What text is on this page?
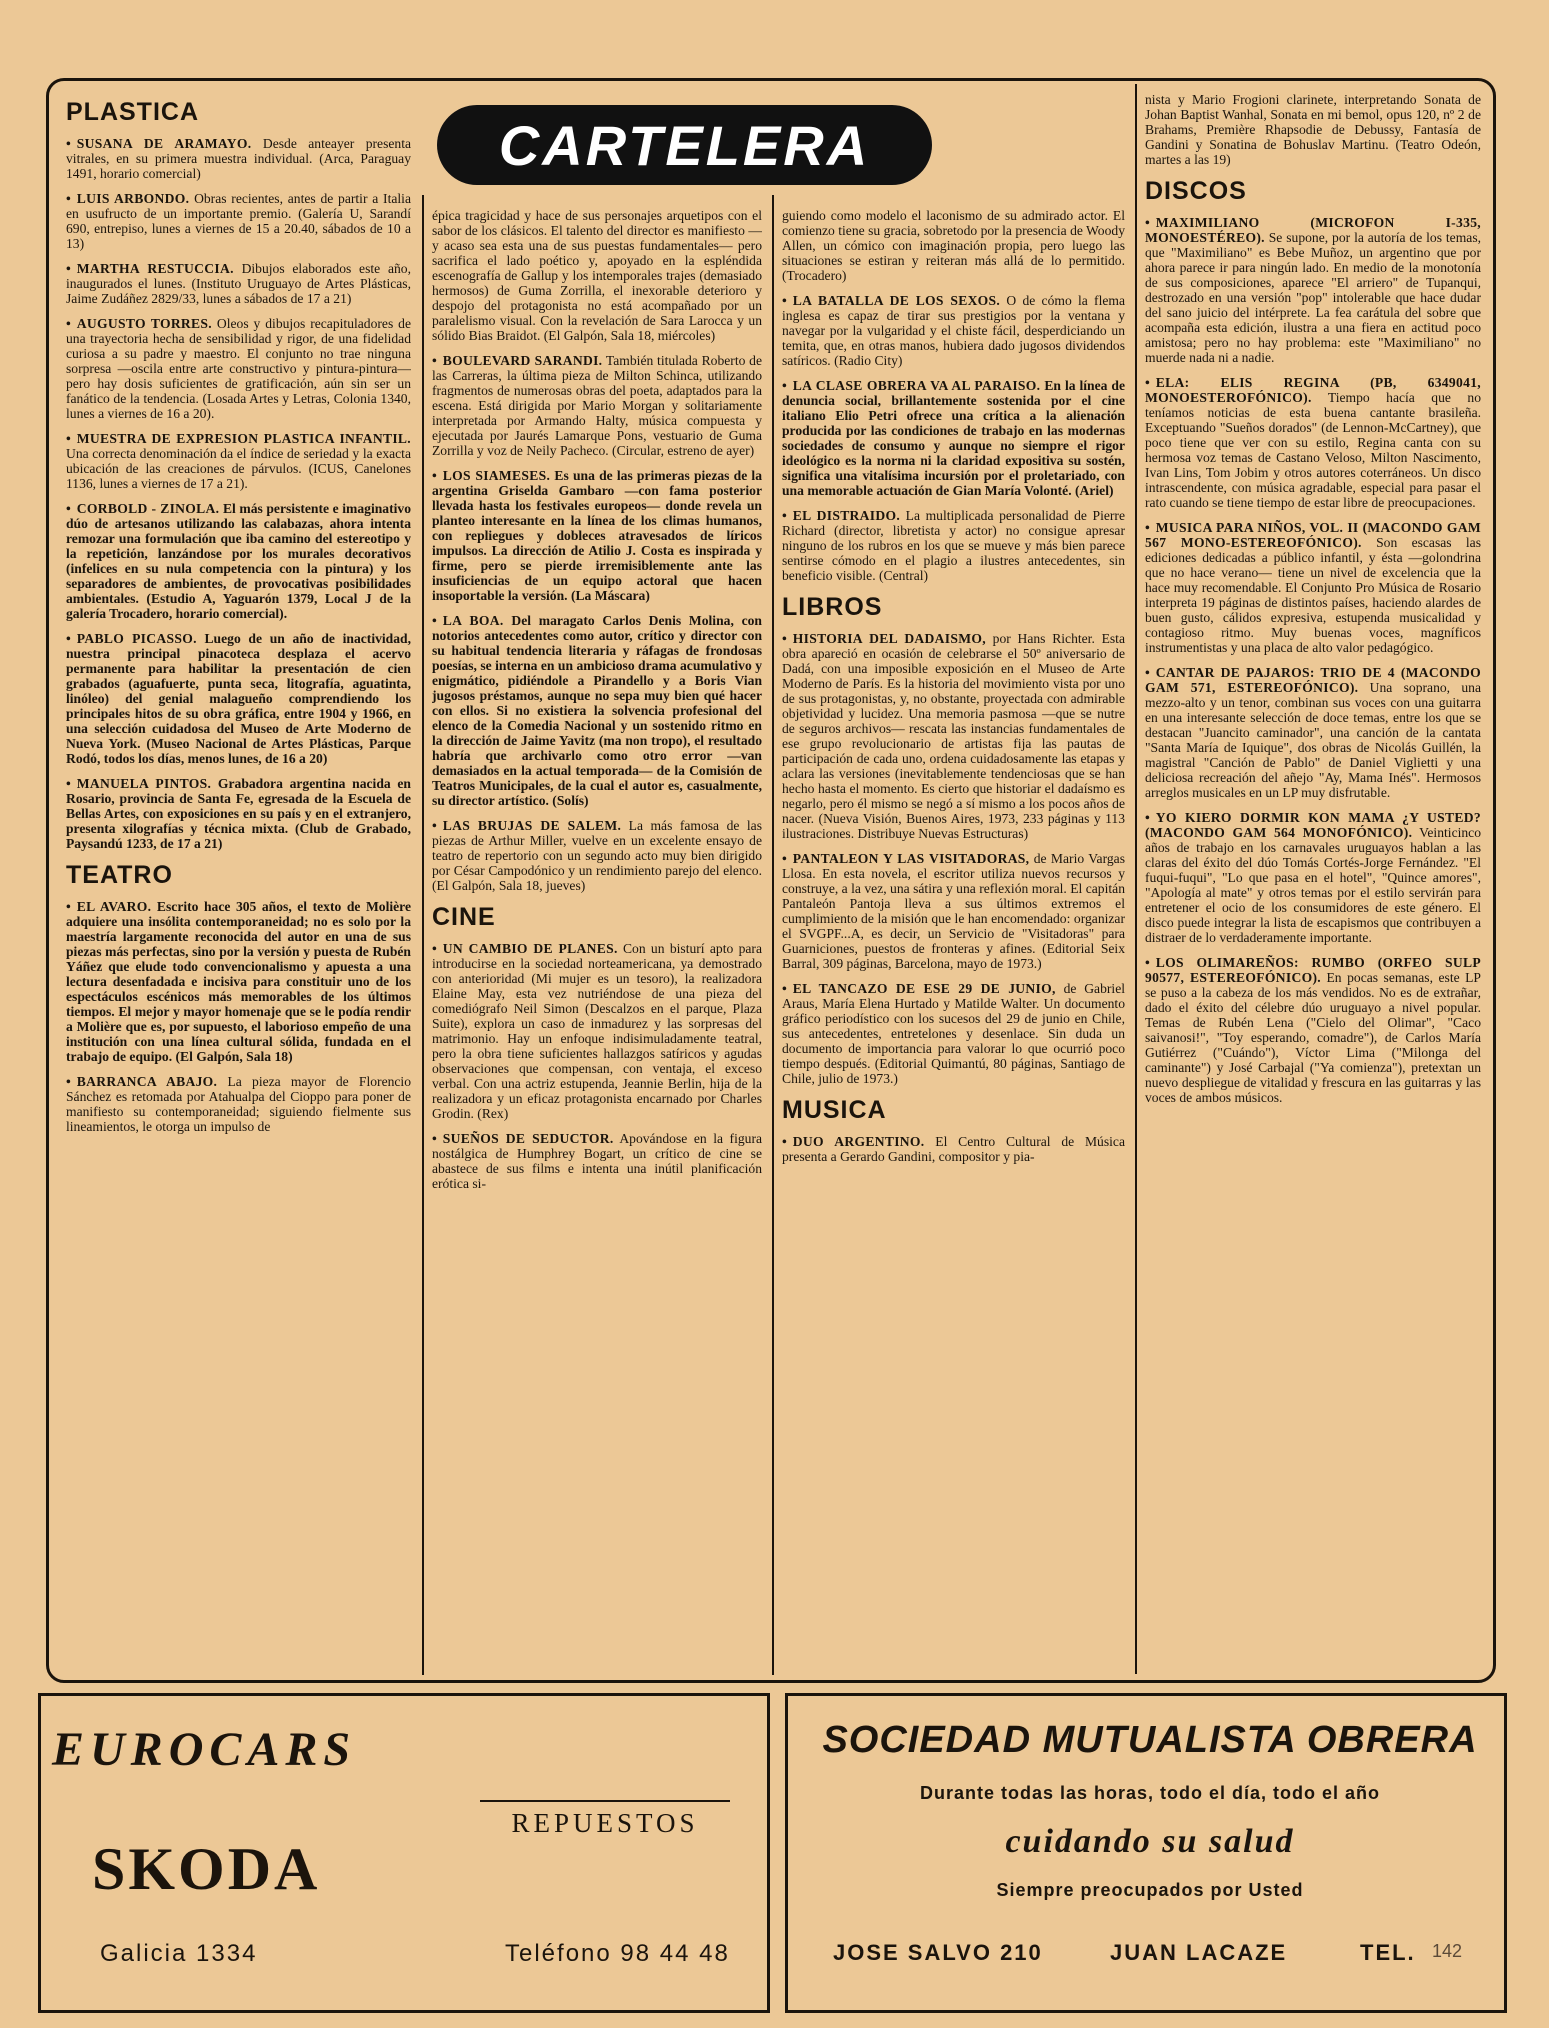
CARTELERA
PLASTICA

• SUSANA DE ARAMAYO. Desde anteayer presenta vitrales, en su primera muestra individual. (Arca, Paraguay 1491, horario comercial)

• LUIS ARBONDO. Obras recientes, antes de partir a Italia en usufructo de un importante premio. (Galería U, Sarandí 690, entrepiso, lunes a viernes de 15 a 20.40, sábados de 10 a 13)

• MARTHA RESTUCCIA. Dibujos elaborados este año, inaugurados el lunes. (Instituto Uruguayo de Artes Plásticas, Jaime Zudáñez 2829/33, lunes a sábados de 17 a 21)

• AUGUSTO TORRES. Oleos y dibujos recapituladores de una trayectoria hecha de sensibilidad y rigor, de una fidelidad curiosa a su padre y maestro. El conjunto no trae ninguna sorpresa —oscila entre arte constructivo y pintura-pintura— pero hay dosis suficientes de gratificación, aún sin ser un fanático de la tendencia. (Losada Artes y Letras, Colonia 1340, lunes a viernes de 16 a 20).

• MUESTRA DE EXPRESION PLASTICA INFANTIL. Una correcta denominación da el índice de seriedad y la exacta ubicación de las creaciones de párvulos. (ICUS, Canelones 1136, lunes a viernes de 17 a 21).

• CORBOLD - ZINOLA. El más persistente e imaginativo dúo de artesanos utilizando las calabazas, ahora intenta remozar una formulación que iba camino del estereotipo y la repetición, lanzándose por los murales decorativos (infelices en su nula competencia con la pintura) y los separadores de ambientes, de provocativas posibilidades ambientales. (Estudio A, Yaguarón 1379, Local J de la galería Trocadero, horario comercial).

• PABLO PICASSO. Luego de un año de inactividad, nuestra principal pinacoteca desplaza el acervo permanente para habilitar la presentación de cien grabados (aguafuerte, punta seca, litografía, aguatinta, linóleo) del genial malagueño comprendiendo los principales hitos de su obra gráfica, entre 1904 y 1966, en una selección cuidadosa del Museo de Arte Moderno de Nueva York. (Museo Nacional de Artes Plásticas, Parque Rodó, todos los días, menos lunes, de 16 a 20)

• MANUELA PINTOS. Grabadora argentina nacida en Rosario, provincia de Santa Fe, egresada de la Escuela de Bellas Artes, con exposiciones en su país y en el extranjero, presenta xilografías y técnica mixta. (Club de Grabado, Paysandú 1233, de 17 a 21)

TEATRO

• EL AVARO. Escrito hace 305 años, el texto de Molière adquiere una insólita contemporaneidad; no es solo por la maestría largamente reconocida del autor en una de sus piezas más perfectas, sino por la versión y puesta de Rubén Yáñez que elude todo convencionalismo y apuesta a una lectura desenfadada e incisiva para constituir uno de los espectáculos escénicos más memorables de los últimos tiempos. El mejor y mayor homenaje que se le podía rendir a Molière que es, por supuesto, el laborioso empeño de una institución con una línea cultural sólida, fundada en el trabajo de equipo. (El Galpón, Sala 18)

• BARRANCA ABAJO. La pieza mayor de Florencio Sánchez es retomada por Atahualpa del Cioppo para poner de manifiesto su contemporaneidad; siguiendo fielmente sus lineamientos, le otorga un impulso de

épica tragicidad y hace de sus personajes arquetipos con el sabor de los clásicos. El talento del director es manifiesto —y acaso sea esta una de sus puestas fundamentales— pero sacrifica el lado poético y, apoyado en la espléndida escenografía de Gallup y los intemporales trajes (demasiado hermosos) de Guma Zorrilla, el inexorable deterioro y despojo del protagonista no está acompañado por un paralelismo visual. Con la revelación de Sara Larocca y un sólido Bias Braidot. (El Galpón, Sala 18, miércoles)

• BOULEVARD SARANDI. También titulada Roberto de las Carreras, la última pieza de Milton Schinca, utilizando fragmentos de numerosas obras del poeta, adaptados para la escena. Está dirigida por Mario Morgan y solitariamente interpretada por Armando Halty, música compuesta y ejecutada por Jaurés Lamarque Pons, vestuario de Guma Zorrilla y voz de Neily Pacheco. (Circular, estreno de ayer)

• LOS SIAMESES. Es una de las primeras piezas de la argentina Griselda Gambaro —con fama posterior llevada hasta los festivales europeos— donde revela un planteo interesante en la línea de los climas humanos, con repliegues y dobleces atravesados de líricos impulsos. La dirección de Atilio J. Costa es inspirada y firme, pero se pierde irremisiblemente ante las insuficiencias de un equipo actoral que hacen insoportable la versión. (La Máscara)

• LA BOA. Del maragato Carlos Denis Molina, con notorios antecedentes como autor, crítico y director con su habitual tendencia literaria y ráfagas de frondosas poesías, se interna en un ambicioso drama acumulativo y enigmático, pidiéndole a Pirandello y a Boris Vian jugosos préstamos, aunque no sepa muy bien qué hacer con ellos. Si no existiera la solvencia profesional del elenco de la Comedia Nacional y un sostenido ritmo en la dirección de Jaime Yavitz (ma non tropo), el resultado habría que archivarlo como otro error —van demasiados en la actual temporada— de la Comisión de Teatros Municipales, de la cual el autor es, casualmente, su director artístico. (Solís)

• LAS BRUJAS DE SALEM. La más famosa de las piezas de Arthur Miller, vuelve en un excelente ensayo de teatro de repertorio con un segundo acto muy bien dirigido por César Campodónico y un rendimiento parejo del elenco. (El Galpón, Sala 18, jueves)

CINE

• UN CAMBIO DE PLANES. Con un bisturí apto para introducirse en la sociedad norteamericana, ya demostrado con anterioridad (Mi mujer es un tesoro), la realizadora Elaine May, esta vez nutriéndose de una pieza del comediógrafo Neil Simon (Descalzos en el parque, Plaza Suite), explora un caso de inmadurez y las sorpresas del matrimonio. Hay un enfoque indisimuladamente teatral, pero la obra tiene suficientes hallazgos satíricos y agudas observaciones que compensan, con ventaja, el exceso verbal. Con una actriz estupenda, Jeannie Berlin, hija de la realizadora y un eficaz protagonista encarnado por Charles Grodin. (Rex)

• SUEÑOS DE SEDUCTOR. Apovándose en la figura nostálgica de Humphrey Bogart, un crítico de cine se abastece de sus films e intenta una inútil planificación erótica si-

guiendo como modelo el laconismo de su admirado actor. El comienzo tiene su gracia, sobretodo por la presencia de Woody Allen, un cómico con imaginación propia, pero luego las situaciones se estiran y reiteran más allá de lo permitido. (Trocadero)

• LA BATALLA DE LOS SEXOS. O de cómo la flema inglesa es capaz de tirar sus prestigios por la ventana y navegar por la vulgaridad y el chiste fácil, desperdiciando un temita, que, en otras manos, hubiera dado jugosos dividendos satíricos. (Radio City)

• LA CLASE OBRERA VA AL PARAISO. En la línea de denuncia social, brillantemente sostenida por el cine italiano Elio Petri ofrece una crítica a la alienación producida por las condiciones de trabajo en las modernas sociedades de consumo y aunque no siempre el rigor ideológico es la norma ni la claridad expositiva su sostén, significa una vitalísima incursión por el proletariado, con una memorable actuación de Gian María Volonté. (Ariel)

• EL DISTRAIDO. La multiplicada personalidad de Pierre Richard (director, libretista y actor) no consigue apresar ninguno de los rubros en los que se mueve y más bien parece sentirse cómodo en el plagio a ilustres antecedentes, sin beneficio visible. (Central)

LIBROS

• HISTORIA DEL DADAISMO, por Hans Richter. Esta obra apareció en ocasión de celebrarse el 50º aniversario de Dadá, con una imposible exposición en el Museo de Arte Moderno de París. Es la historia del movimiento vista por uno de sus protagonistas, y, no obstante, proyectada con admirable objetividad y lucidez. Una memoria pasmosa —que se nutre de seguros archivos— rescata las instancias fundamentales de ese grupo revolucionario de artistas fija las pautas de participación de cada uno, ordena cuidadosamente las etapas y aclara las versiones (inevitablemente tendenciosas que se han hecho hasta el momento. Es cierto que historiar el dadaísmo es negarlo, pero él mismo se negó a sí mismo a los pocos años de nacer. (Nueva Visión, Buenos Aires, 1973, 233 páginas y 113 ilustraciones. Distribuye Nuevas Estructuras)

• PANTALEON Y LAS VISITADORAS, de Mario Vargas Llosa. En esta novela, el escritor utiliza nuevos recursos y construye, a la vez, una sátira y una reflexión moral. El capitán Pantaleón Pantoja lleva a sus últimos extremos el cumplimiento de la misión que le han encomendado: organizar el SVGPF...A, es decir, un Servicio de "Visitadoras" para Guarniciones, puestos de fronteras y afines. (Editorial Seix Barral, 309 páginas, Barcelona, mayo de 1973.)

• EL TANCAZO DE ESE 29 DE JUNIO, de Gabriel Araus, María Elena Hurtado y Matilde Walter. Un documento gráfico periodístico con los sucesos del 29 de junio en Chile, sus antecedentes, entretelones y desenlace. Sin duda un documento de importancia para valorar lo que ocurrió poco tiempo después. (Editorial Quimantú, 80 páginas, Santiago de Chile, julio de 1973.)

MUSICA

• DUO ARGENTINO. El Centro Cultural de Música presenta a Gerardo Gandini, compositor y pia-

nista y Mario Frogioni clarinete, interpretando Sonata de Johan Baptist Wanhal, Sonata en mi bemol, opus 120, nº 2 de Brahams, Première Rhapsodie de Debussy, Fantasía de Gandini y Sonatina de Bohuslav Martinu. (Teatro Odeón, martes a las 19)

DISCOS

• MAXIMILIANO (MICROFON I-335, MONOESTÉREO). Se supone, por la autoría de los temas, que "Maximiliano" es Bebe Muñoz, un argentino que por ahora parece ir para ningún lado. En medio de la monotonía de sus composiciones, aparece "El arriero" de Tupanqui, destrozado en una versión "pop" intolerable que hace dudar del sano juicio del intérprete. La fea carátula del sobre que acompaña esta edición, ilustra a una fiera en actitud poco amistosa; pero no hay problema: este "Maximiliano" no muerde nada ni a nadie.

• ELA: ELIS REGINA (PB, 6349041, MONOESTEROFÓNICO). Tiempo hacía que no teníamos noticias de esta buena cantante brasileña. Exceptuando "Sueños dorados" (de Lennon-McCartney), que poco tiene que ver con su estilo, Regina canta con su hermosa voz temas de Castano Veloso, Milton Nascimento, Ivan Lins, Tom Jobim y otros autores coterráneos. Un disco intrascendente, con música agradable, especial para pasar el rato cuando se tiene tiempo de estar libre de preocupaciones.

• MUSICA PARA NIÑOS, VOL. II (MACONDO GAM 567 MONO-ESTEREOFÓNICO). Son escasas las ediciones dedicadas a público infantil, y ésta —golondrina que no hace verano— tiene un nivel de excelencia que la hace muy recomendable. El Conjunto Pro Música de Rosario interpreta 19 páginas de distintos países, haciendo alardes de buen gusto, cálidos expresiva, estupenda musicalidad y contagioso ritmo. Muy buenas voces, magníficos instrumentistas y una placa de alto valor pedagógico.

• CANTAR DE PAJAROS: TRIO DE 4 (MACONDO GAM 571, ESTEREOFÓNICO). Una soprano, una mezzo-alto y un tenor, combinan sus voces con una guitarra en una interesante selección de doce temas, entre los que se destacan "Juancito caminador", una canción de la cantata "Santa María de Iquique", dos obras de Nicolás Guillén, la magistral "Canción de Pablo" de Daniel Viglietti y una deliciosa recreación del añejo "Ay, Mama Inés". Hermosos arreglos musicales en un LP muy disfrutable.

• YO KIERO DORMIR KON MAMA ¿Y USTED? (MACONDO GAM 564 MONOFÓNICO). Veinticinco años de trabajo en los carnavales uruguayos hablan a las claras del éxito del dúo Tomás Cortés-Jorge Fernández. "El fuqui-fuqui", "Lo que pasa en el hotel", "Quince amores", "Apología al mate" y otros temas por el estilo servirán para entretener el ocio de los consumidores de este género. El disco puede integrar la lista de escapismos que contribuyen a distraer de lo verdaderamente importante.

• LOS OLIMAREÑOS: RUMBO (ORFEO SULP 90577, ESTEREOFÓNICO). En pocas semanas, este LP se puso a la cabeza de los más vendidos. No es de extrañar, dado el éxito del célebre dúo uruguayo a nivel popular. Temas de Rubén Lena ("Cielo del Olimar", "Caco saivanosi!", "Toy esperando, comadre"), de Carlos María Gutiérrez ("Cuándo"), Víctor Lima ("Milonga del caminante") y José Carbajal ("Ya comienza"), pretextan un nuevo despliegue de vitalidad y frescura en las guitarras y las voces de ambos músicos.

EUROCARS
REPUESTOS
SKODA
Galicia 1334	Teléfono 98 44 48
SOCIEDAD MUTUALISTA OBRERA
Durante todas las horas, todo el día, todo el año
cuidando su salud
Siempre preocupados por Usted
JOSE SALVO 210	JUAN LACAZE	TEL. 142
